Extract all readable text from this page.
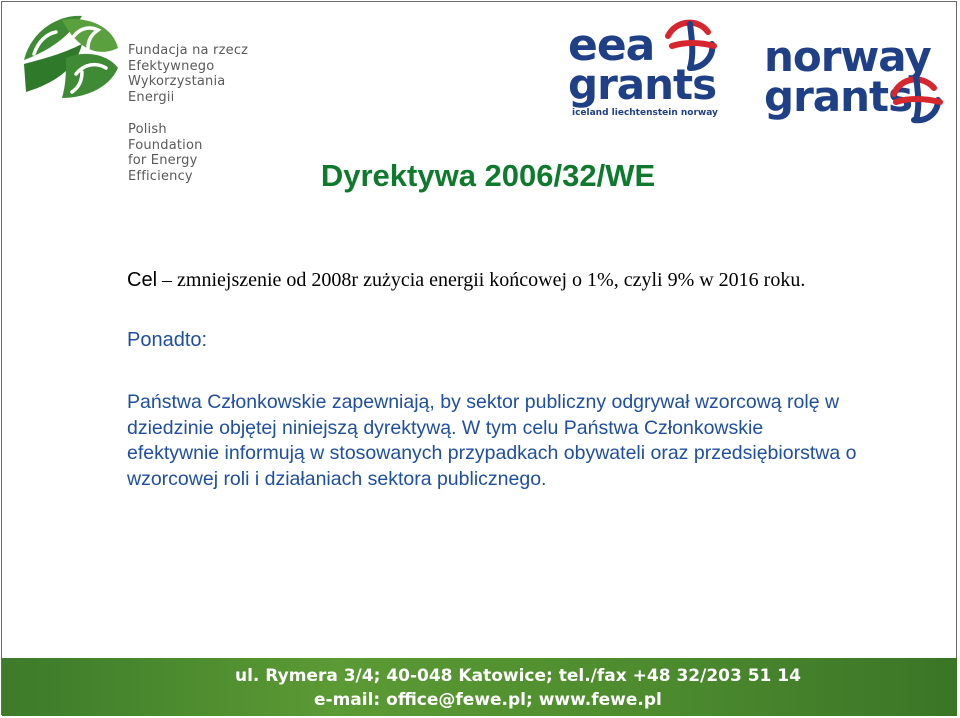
Fundacja na rzecz
Efektywnego
Wykorzystania
Energii
Polish
Foundation
for Energy
Efficiency
eea
grants
iceland liechtenstein norway
norway
grants
Dyrektywa 2006/32/WE
Cel – zmniejszenie od 2008r zużycia energii końcowej o 1%, czyli 9% w 2016 roku.
Ponadto:
Państwa Członkowskie zapewniają, by sektor publiczny odgrywał wzorcową rolę w dziedzinie objętej niniejszą dyrektywą. W tym celu Państwa Członkowskie efektywnie informują w stosowanych przypadkach obywateli oraz przedsiębiorstwa o wzorcowej roli i działaniach sektora publicznego.
ul. Rymera 3/4; 40-048 Katowice; tel./fax +48 32/203 51 14
e-mail: office@fewe.pl; www.fewe.pl
